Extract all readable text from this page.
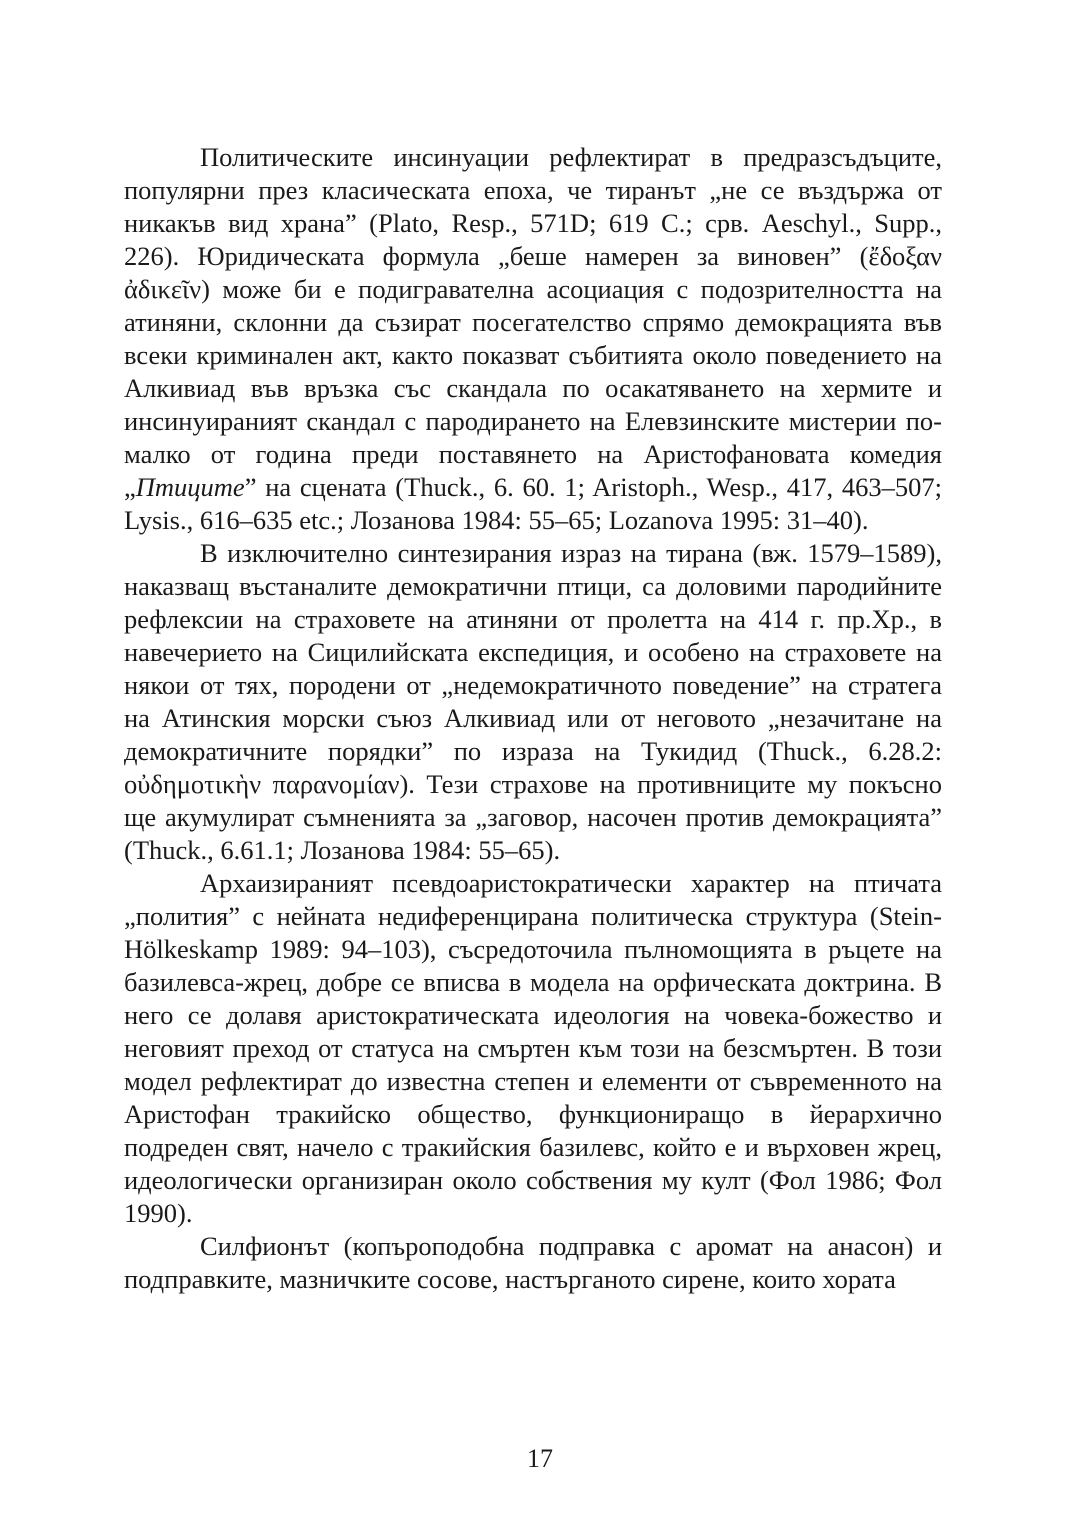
Политическите инсинуации рефлектират в предразсъдъците, популярни през класическата епоха, че тиранът „не се въздържа от никакъв вид храна” (Plato, Resp., 571D; 619 C.; срв. Aeschyl., Supp., 226). Юридическата формула „беше намерен за виновен” (ἔδοξαν ἀδικεῖν) може би е подигравателна асоциация с подозрителността на атиняни, склонни да съзират посегателство спрямо демокрацията във всеки криминален акт, както показват събитията около поведението на Алкивиад във връзка със скандала по осакатяването на хермите и инсинуираният скандал с пародирането на Елевзинските мистерии по-малко от година преди поставянето на Аристофановата комедия „Птиците” на сцената (Thuck., 6. 60. 1; Aristoph., Wesp., 417, 463–507; Lysis., 616–635 etc.; Лозанова 1984: 55–65; Lozanova 1995: 31–40).

В изключително синтезирания израз на тирана (вж. 1579–1589), наказващ въстаналите демократични птици, са доловими пародийните рефлексии на страховете на атиняни от пролетта на 414 г. пр.Хр., в навечерието на Сицилийската експедиция, и особено на страховете на някои от тях, породени от „недемократичното поведение” на стратега на Атинския морски съюз Алкивиад или от неговото „незачитане на демократичните порядки” по израза на Тукидид (Thuck., 6.28.2: οὐδημοτικὴν παρανομίαν). Тези страхове на противниците му покъсно ще акумулират съмненията за „заговор, насочен против демокрацията” (Thuck., 6.61.1; Лозанова 1984: 55–65).

Архаизираният псевдоаристократически характер на птичата „полития” с нейната недиференцирана политическа структура (Stein-Hölkeskamp 1989: 94–103), съсредоточила пълномощията в ръцете на базилевса-жрец, добре се вписва в модела на орфическата доктрина. В него се долавя аристократическата идеология на човека-божество и неговият преход от статуса на смъртен към този на безсмъртен. В този модел рефлектират до известна степен и елементи от съвременното на Аристофан тракийско общество, функциониращо в йерархично подреден свят, начело с тракийския базилевс, който е и върховен жрец, идеологически организиран около собствения му култ (Фол 1986; Фол 1990).

Силфионът (копъроподобна подправка с аромат на анасон) и подправките, мазничките сосове, настърганото сирене, които хората

17
